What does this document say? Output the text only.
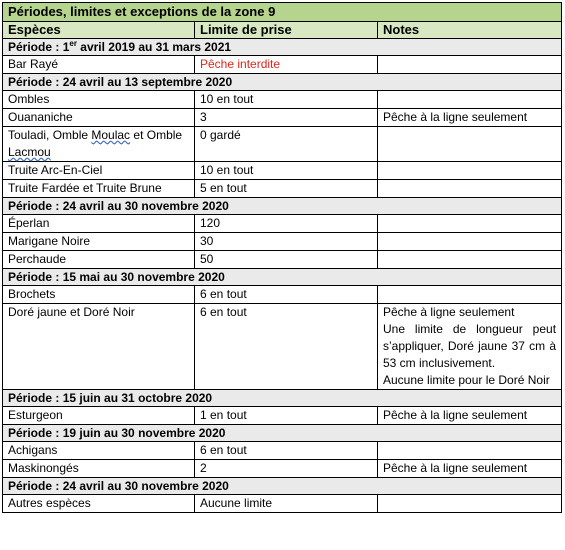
Périodes, limites et exceptions de la zone 9		
Espèces	Limite de prise	Notes
Période : 1er avril 2019 au 31 mars 2021		
Bar Rayé	Pêche interdite	
Période : 24 avril au 13 septembre 2020		
Ombles	10 en tout	
Ouananiche	3	Pêche à la ligne seulement
Touladi, Omble Moulac et Omble Lacmou	0 gardé	
Truite Arc-En-Ciel	10 en tout	
Truite Fardée et Truite Brune	5 en tout	
Période : 24 avril au 30 novembre 2020		
Éperlan	120	
Marigane Noire	30	
Perchaude	50	
Période : 15 mai au 30 novembre 2020		
Brochets	6 en tout	
Doré jaune et Doré Noir	6 en tout	Pêche à ligne seulement
Une limite de longueur peut s’appliquer, Doré jaune 37 cm à 53 cm inclusivement.
Aucune limite pour le Doré Noir
Période : 15 juin au 31 octobre 2020		
Esturgeon	1 en tout	Pêche à la ligne seulement
Période : 19 juin au 30 novembre 2020		
Achigans	6 en tout	
Maskinongés	2	Pêche à la ligne seulement
Période : 24 avril au 30 novembre 2020		
Autres espèces	Aucune limite	
